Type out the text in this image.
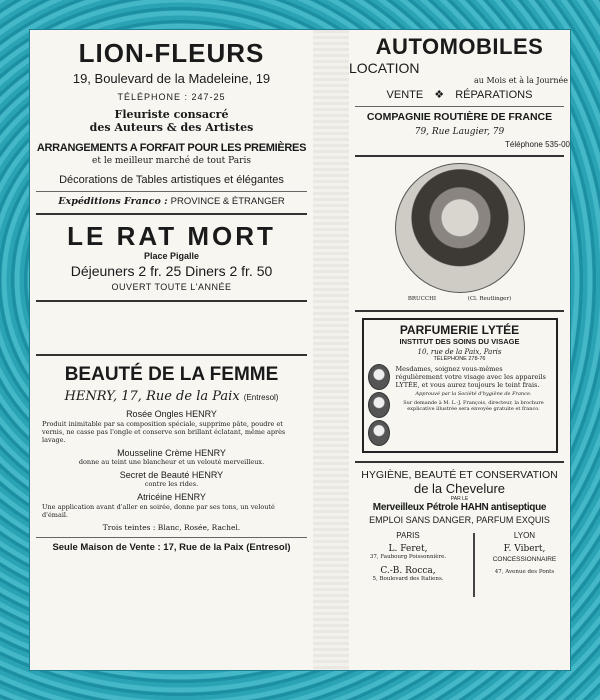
LION-FLEURS

19, Boulevard de la Madeleine, 19

TÉLÉPHONE : 247-25

Fleuriste consacré

des Auteurs & des Artistes

ARRANGEMENTS A FORFAIT POUR LES PREMIÈRES

et le meilleur marché de tout Paris

Décorations de Tables artistiques et élégantes

Expéditions Franco : PROVINCE & ÉTRANGER

LE RAT MORT

Place Pigalle

Déjeuners 2 fr. 25 Diners 2 fr. 50

OUVERT TOUTE L'ANNÉE

BEAUTÉ DE LA FEMME

HENRY, 17, Rue de la Paix (Entresol)

Rosée Ongles HENRY

Produit inimitable par sa composition spéciale, supprime pâte, poudre et vernis, ne casse pas l'ongle et conserve son brillant éclatant, même après lavage.

Mousseline Crème HENRY

donne au teint une blancheur et un velouté merveilleux.

Secret de Beauté HENRY

contre les rides.

Atricéine HENRY

Une application avant d'aller en soirée, donne par ses tons, un velouté d'émail.

Trois teintes : Blanc, Rosée, Rachel.

Seule Maison de Vente : 17, Rue de la Paix (Entresol)

AUTOMOBILES

LOCATION

au Mois et à la Journée

VENTE ❖ RÉPARATIONS

COMPAGNIE ROUTIÈRE DE FRANCE

79, Rue Laugier, 79

Téléphone 535-00

BRUCCHI	(Cl. Reutlinger)

PARFUMERIE LYTÉE

INSTITUT DES SOINS DU VISAGE

10, rue de la Paix, Paris

TÉLÉPHONE 278-76

Mesdames, soignez vous-mêmes régulièrement votre visage avec les appareils LYTÉE, et vous aurez toujours le teint frais.

Approuvé par la Société d'hygiène de France.

Sur demande à M. L.-J. François, directeur, la brochure explicative illustrée sera envoyée gratuite et franco.

HYGIÈNE, BEAUTÉ ET CONSERVATION

de la Chevelure

PAR LE

Merveilleux Pétrole HAHN antiseptique

EMPLOI SANS DANGER, PARFUM EXQUIS

PARIS

L. Feret,

37, Faubourg Poissonnière.

C.-B. Rocca,

5, Boulevard des Italiens.

LYON

F. Vibert,

CONCESSIONNAIRE

47, Avenue des Ponts
